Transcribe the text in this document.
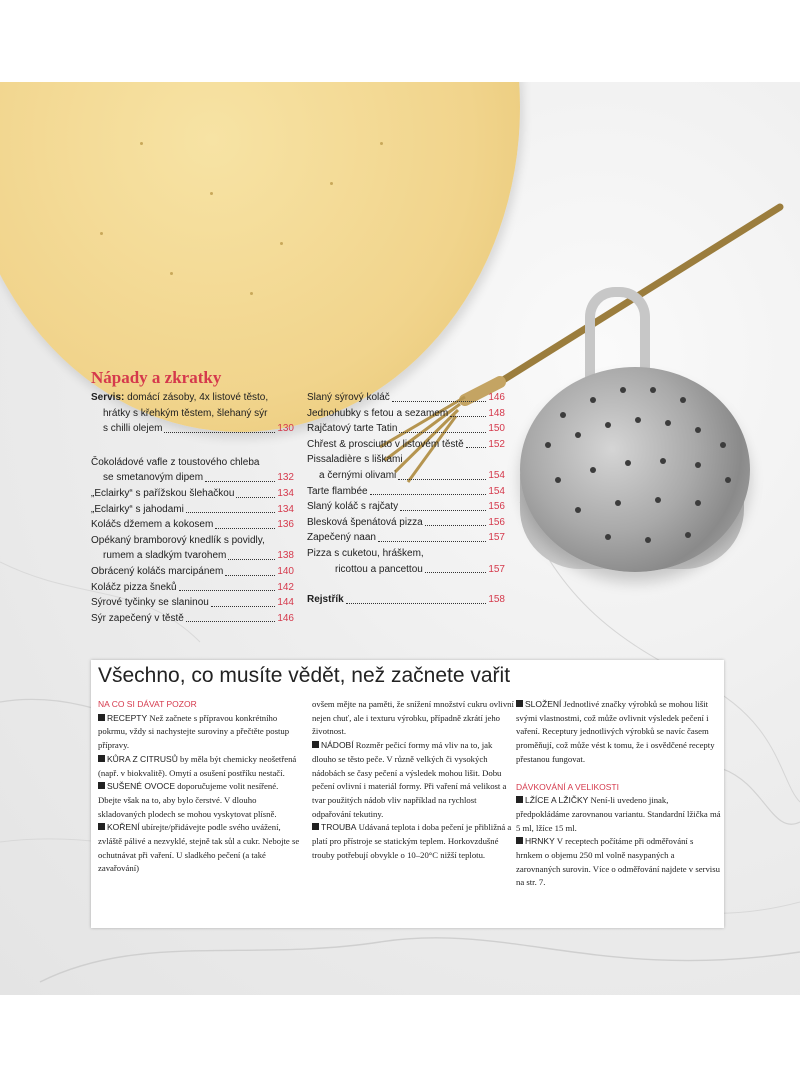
Nápady a zkratky
Servis: domácí zásoby, 4x listové těsto,
hrátky s křehkým těstem, šlehaný sýr
s chilli olejem	130
Čokoládové vafle z toustového chleba
se smetanovým dipem	132
„Eclairky“ s pařížskou šlehačkou	134
„Eclairky“ s jahodami	134
Koláčs džemem a kokosem	136
Opékaný bramborový knedlík s povidly,
rumem a sladkým tvarohem	138
Obrácený koláčs marcipánem	140
Koláčz pizza šneků	142
Sýrové tyčinky se slaninou	144
Sýr zapečený v těstě	146
Slaný sýrový koláč	146
Jednohubky s fetou a sezamem	148
Rajčatový tarte Tatin	150
Chřest & prosciutto v listovém těstě 152
Pissaladière s liškami
a černými olivami	154
Tarte flambée	154
Slaný koláč s rajčaty	156
Blesková špenátová pizza	156
Zapečený naan	157
Pizza s cuketou, hráškem,
ricottou a pancettou	157
Rejstřík	158
Všechno, co musíte vědět, než začnete vařit

NA CO SI DÁVAT POZOR

RECEPTY Než začnete s přípravou konkrétního pokrmu, vždy si nachystejte suroviny a přečtěte postup přípravy.

KŮRA Z CITRUSŮ by měla být chemicky neošetřená (např. v biokvalitě). Omytí a osušení postříku nestačí.

SUŠENÉ OVOCE doporučujeme volit nesířené. Dbejte však na to, aby bylo čerstvé. V dlouho skladovaných plodech se mohou vyskytovat plísně.

KOŘENÍ ubírejte/přidávejte podle svého uvážení, zvláště pálivé a nezvyklé, stejně tak sůl a cukr. Nebojte se ochutnávat při vaření. U sladkého pečení (a také zavařování)

ovšem mějte na paměti, že snížení množství cukru ovlivní nejen chuť, ale i texturu výrobku, případně zkrátí jeho životnost.

NÁDOBÍ Rozměr pečicí formy má vliv na to, jak dlouho se těsto peče. V různě velkých či vysokých nádobách se časy pečení a výsledek mohou lišit. Dobu pečení ovlivní i materiál formy. Při vaření má velikost a tvar použitých nádob vliv například na rychlost odpařování tekutiny.

TROUBA Udávaná teplota i doba pečení je přibližná a platí pro přístroje se statickým teplem. Horkovzdušné trouby potřebují obvykle o 10–20°C nižší teplotu.

SLOŽENÍ Jednotlivé značky výrobků se mohou lišit svými vlastnostmi, což může ovlivnit výsledek pečení i vaření. Receptury jednotlivých výrobků se navíc časem proměňují, což může vést k tomu, že i osvědčené recepty přestanou fungovat.

DÁVKOVÁNÍ A VELIKOSTI

LŽÍCE A LŽIČKY Není-li uvedeno jinak, předpokládáme zarovnanou variantu. Standardní lžička má 5 ml, lžíce 15 ml.

HRNKY V receptech počítáme při odměřování s hrnkem o objemu 250 ml volně nasypaných a zarovnaných surovin. Více o odměřování najdete v servisu na str. 7.
